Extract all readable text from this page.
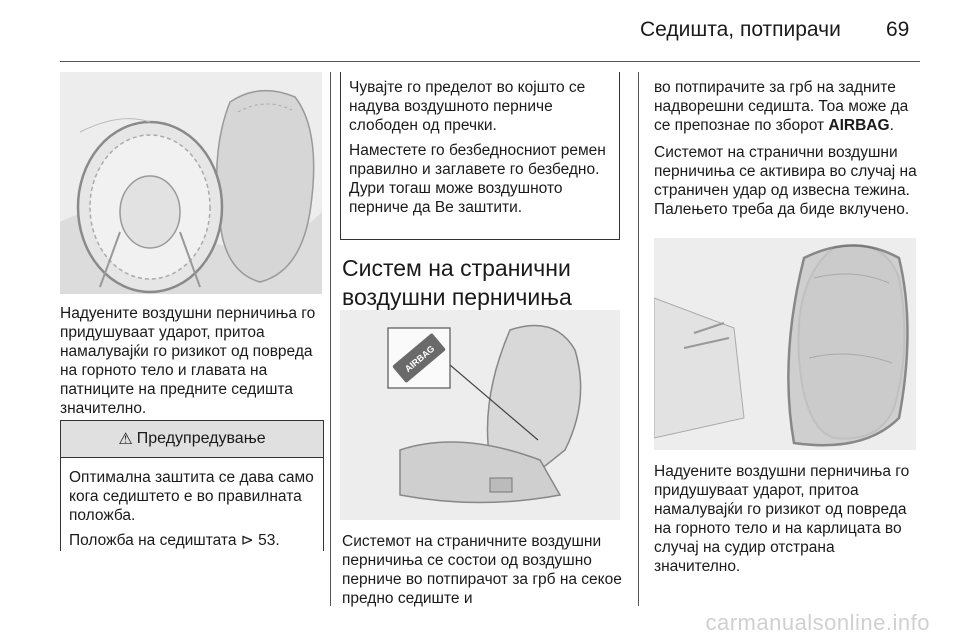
Седишта, потпирачи 69

Надуените воздушни перничиња го придушуваат ударот, притоа намалувајќи го ризикот од повреда на горното тело и главата на патниците на предните седишта значително.

⚠ Предупредување

Оптимална заштита се дава само кога седиштето е во правилната положба.

Положба на седиштата ⊳ 53.

Чувајте го пределот во којшто се надува воздушното перниче слободен од пречки.

Наместете го безбедносниот ремен правилно и заглавете го безбедно. Дури тогаш може воздушното перниче да Ве заштити.

Систем на странични воздушни перничиња
AIRBAG

Системот на страничните воздушни перничиња се состои од воздушно перниче во потпирачот за грб на секое предно седиште и

во потпирачите за грб на задните надворешни седишта. Тоа може да се препознае по зборот AIRBAG.

Системот на странични воздушни перничиња се активира во случај на страничен удар од извесна тежина. Палењето треба да биде вклучено.

Надуените воздушни перничиња го придушуваат ударот, притоа намалувајќи го ризикот од повреда на горното тело и на карлицата во случај на судир отстрана значително.

carmanualsonline.info
